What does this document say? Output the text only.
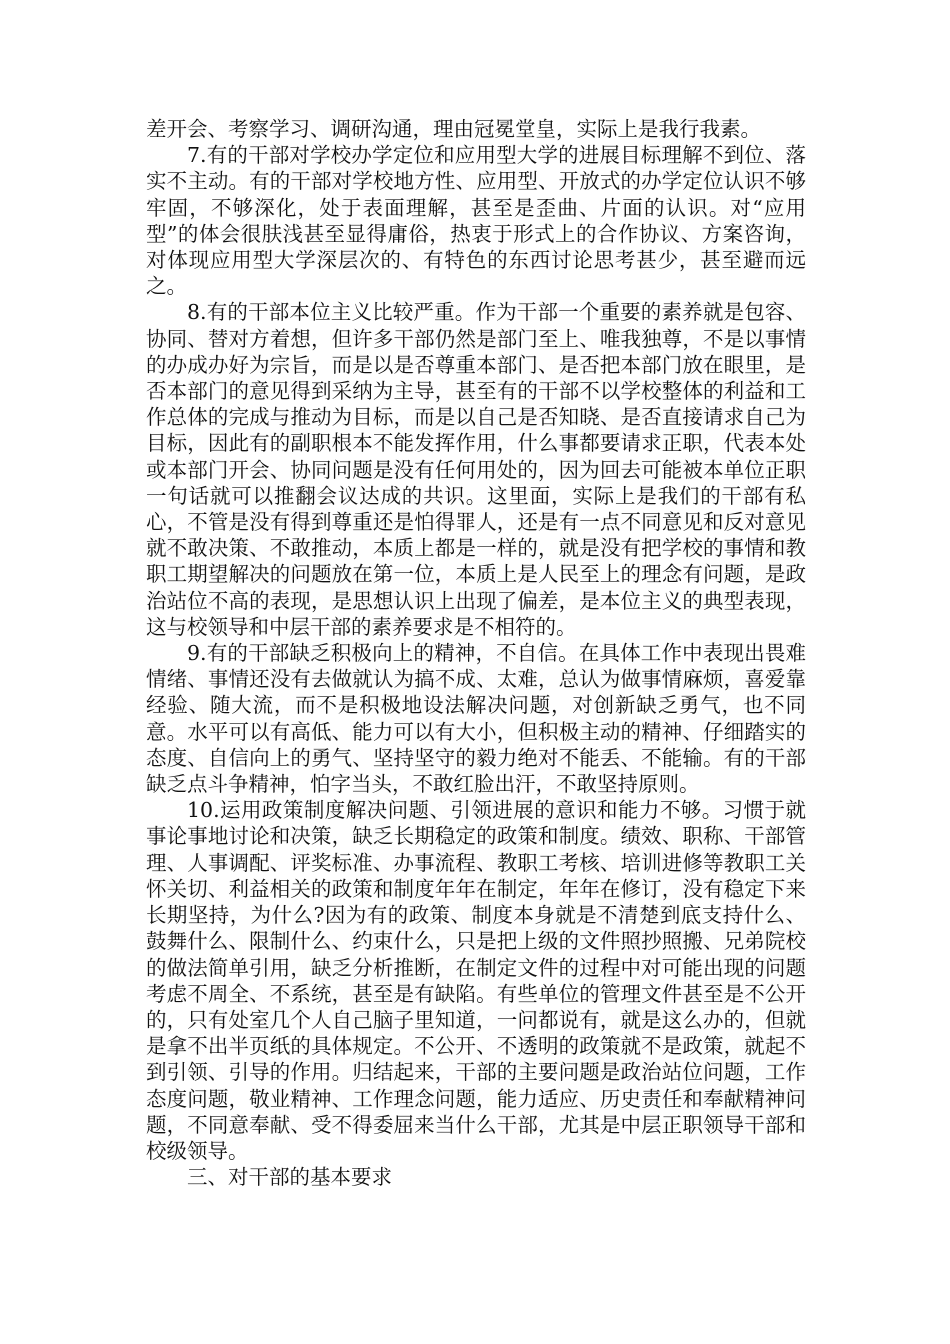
差开会、考察学习、调研沟通，理由冠冕堂皇，实际上是我行我素。

7.有的干部对学校办学定位和应用型大学的进展目标理解不到位、落实不主动。有的干部对学校地方性、应用型、开放式的办学定位认识不够牢固，不够深化，处于表面理解，甚至是歪曲、片面的认识。对“应用型”的体会很肤浅甚至显得庸俗，热衷于形式上的合作协议、方案咨询，对体现应用型大学深层次的、有特色的东西讨论思考甚少，甚至避而远之。

8.有的干部本位主义比较严重。作为干部一个重要的素养就是包容、协同、替对方着想，但许多干部仍然是部门至上、唯我独尊，不是以事情的办成办好为宗旨，而是以是否尊重本部门、是否把本部门放在眼里，是否本部门的意见得到采纳为主导，甚至有的干部不以学校整体的利益和工作总体的完成与推动为目标，而是以自己是否知晓、是否直接请求自己为目标，因此有的副职根本不能发挥作用，什么事都要请求正职，代表本处或本部门开会、协同问题是没有任何用处的，因为回去可能被本单位正职一句话就可以推翻会议达成的共识。这里面，实际上是我们的干部有私心，不管是没有得到尊重还是怕得罪人，还是有一点不同意见和反对意见就不敢决策、不敢推动，本质上都是一样的，就是没有把学校的事情和教职工期望解决的问题放在第一位，本质上是人民至上的理念有问题，是政治站位不高的表现，是思想认识上出现了偏差，是本位主义的典型表现，这与校领导和中层干部的素养要求是不相符的。

9.有的干部缺乏积极向上的精神，不自信。在具体工作中表现出畏难情绪、事情还没有去做就认为搞不成、太难，总认为做事情麻烦，喜爱靠经验、随大流，而不是积极地设法解决问题，对创新缺乏勇气，也不同意。水平可以有高低、能力可以有大小，但积极主动的精神、仔细踏实的态度、自信向上的勇气、坚持坚守的毅力绝对不能丢、不能输。有的干部缺乏点斗争精神，怕字当头，不敢红脸出汗，不敢坚持原则。

10.运用政策制度解决问题、引领进展的意识和能力不够。习惯于就事论事地讨论和决策，缺乏长期稳定的政策和制度。绩效、职称、干部管理、人事调配、评奖标准、办事流程、教职工考核、培训进修等教职工关怀关切、利益相关的政策和制度年年在制定，年年在修订，没有稳定下来长期坚持，为什么?因为有的政策、制度本身就是不清楚到底支持什么、鼓舞什么、限制什么、约束什么，只是把上级的文件照抄照搬、兄弟院校的做法简单引用，缺乏分析推断，在制定文件的过程中对可能出现的问题考虑不周全、不系统，甚至是有缺陷。有些单位的管理文件甚至是不公开的，只有处室几个人自己脑子里知道，一问都说有，就是这么办的，但就是拿不出半页纸的具体规定。不公开、不透明的政策就不是政策，就起不到引领、引导的作用。归结起来，干部的主要问题是政治站位问题，工作态度问题，敬业精神、工作理念问题，能力适应、历史责任和奉献精神问题，不同意奉献、受不得委屈来当什么干部，尤其是中层正职领导干部和校级领导。

三、对干部的基本要求
